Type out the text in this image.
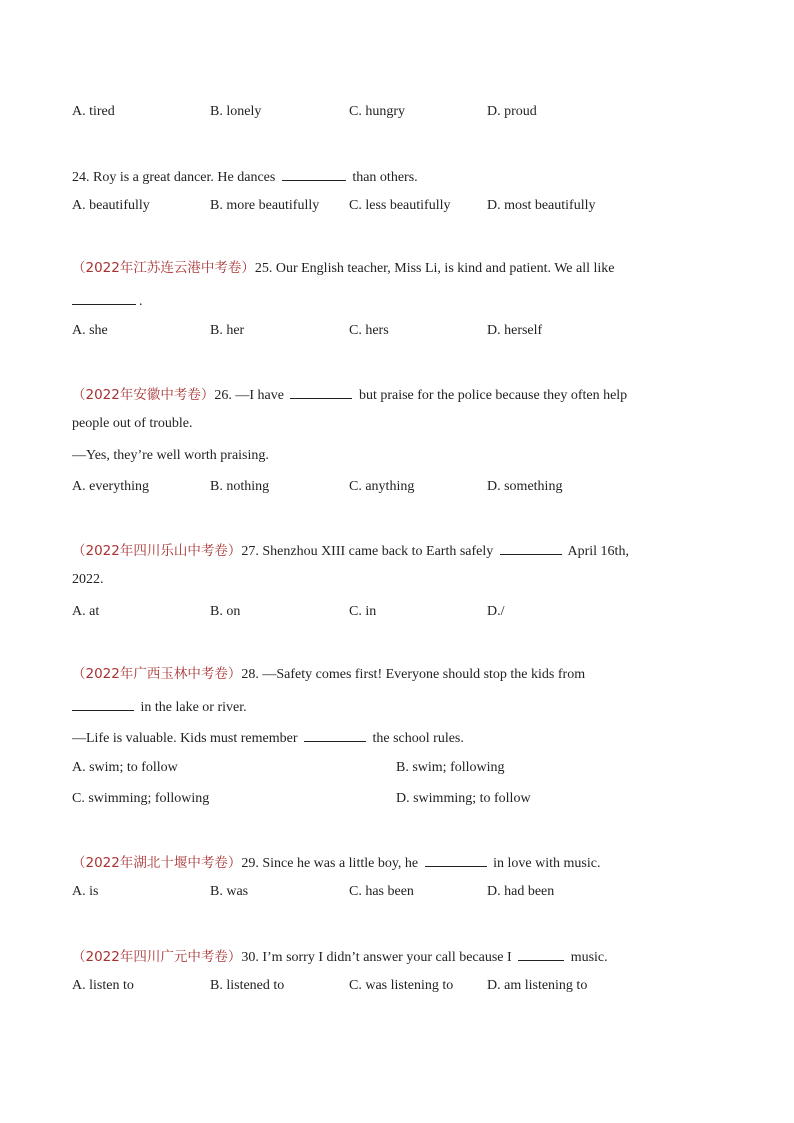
A. tired	B. lonely	C. hungry	D. proud
24. Roy is a great dancer. He dances	than others.
A. beautifully	B. more beautifully C. less beautifully	D. most beautifully
（2022年江苏连云港中考卷）25. Our English teacher, Miss Li, is kind and patient. We all like
.
A. she	B. her	C. hers	D. herself
（2022年安徽中考卷）26. —I have	but praise for the police because they often help
people out of trouble.
—Yes, they’re well worth praising.
A. everything	B. nothing	C. anything	D. something
（2022年四川乐山中考卷）27. Shenzhou XIII came back to Earth safely	April 16th,
2022.
A. at	B. on	C. in	D./
（2022年广西玉林中考卷）28. —Safety comes first! Everyone should stop the kids from
in the lake or river.
—Life is valuable. Kids must remember	the school rules.
A. swim; to follow	B. swim; following
C. swimming; following	D. swimming; to follow
（2022年湖北十堰中考卷）29. Since he was a little boy, he	in love with music.
A. is	B. was	C. has been	D. had been
（2022年四川广元中考卷）30. I’m sorry I didn’t answer your call because I	music.
A. listen to	B. listened to	C. was listening to D. am listening to
